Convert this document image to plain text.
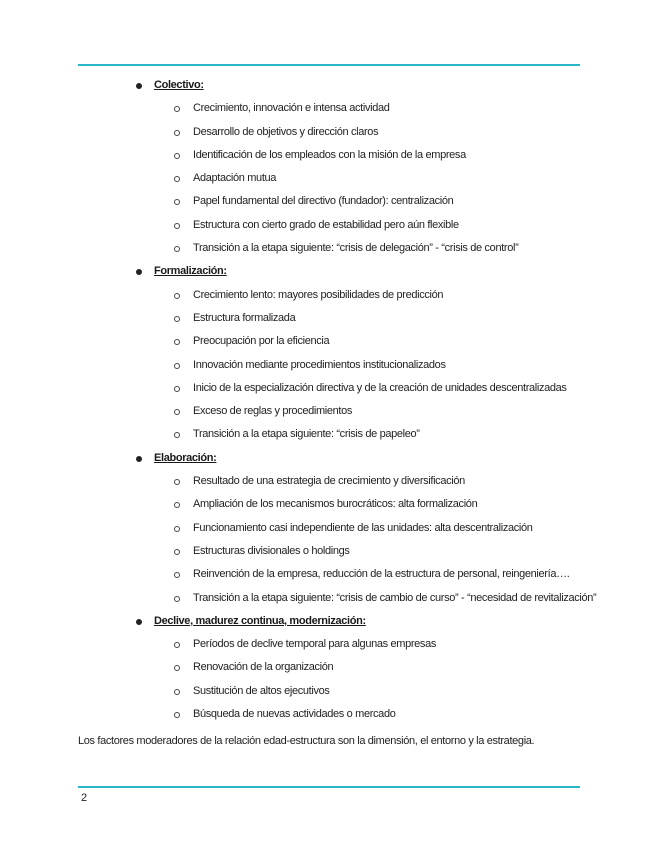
Colectivo:
Crecimiento, innovación e intensa actividad
Desarrollo de objetivos y dirección claros
Identificación de los empleados con la misión de la empresa
Adaptación mutua
Papel fundamental del directivo (fundador): centralización
Estructura con cierto grado de estabilidad pero aún flexible
Transición a la etapa siguiente: “crisis de delegación” - “crisis de control”
Formalización:
Crecimiento lento: mayores posibilidades de predicción
Estructura formalizada
Preocupación por la eficiencia
Innovación mediante procedimientos institucionalizados
Inicio de la especialización directiva y de la creación de unidades descentralizadas
Exceso de reglas y procedimientos
Transición a la etapa siguiente: “crisis de papeleo”
Elaboración:
Resultado de una estrategia de crecimiento y diversificación
Ampliación de los mecanismos burocráticos: alta formalización
Funcionamiento casi independiente de las unidades: alta descentralización
Estructuras divisionales o holdings
Reinvención de la empresa, reducción de la estructura de personal, reingeniería….
Transición a la etapa siguiente: “crisis de cambio de curso” - “necesidad de revitalización”
Declive, madurez continua, modernización:
Períodos de declive temporal para algunas empresas
Renovación de la organización
Sustitución de altos ejecutivos
Búsqueda de nuevas actividades o mercado
Los factores moderadores de la relación edad-estructura son la dimensión, el entorno y la estrategia.
2
